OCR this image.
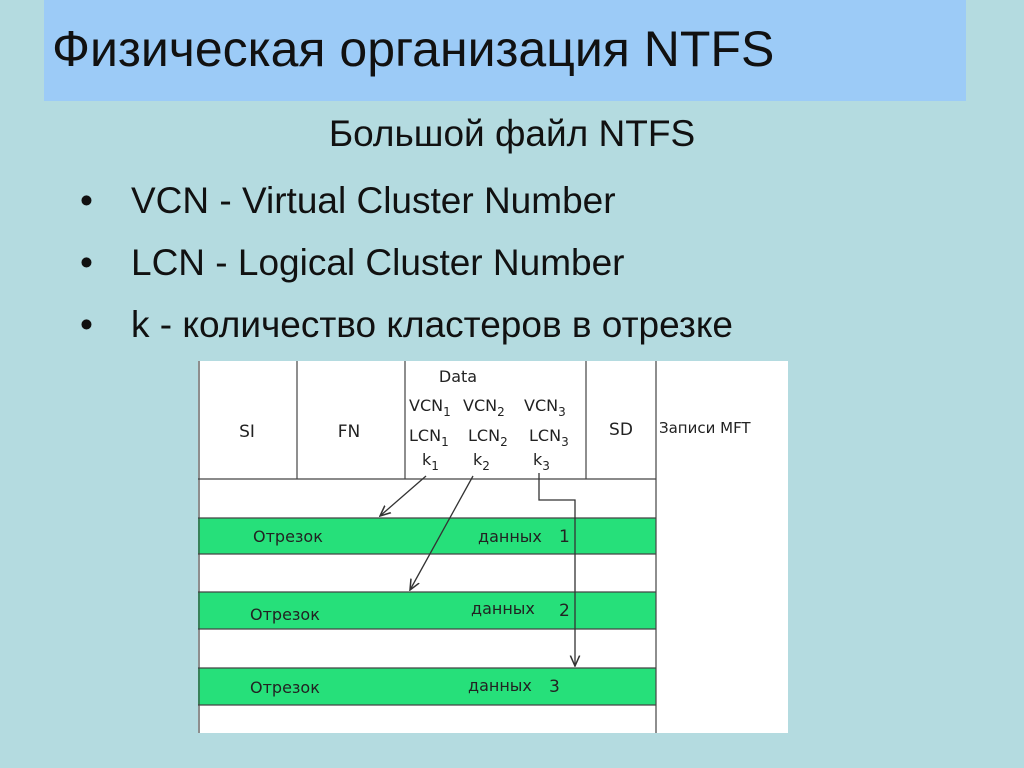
Физическая организация NTFS
Большой файл NTFS
• VCN - Virtual Cluster Number
• LCN - Logical Cluster Number
• k - количество кластеров в отрезке
SI	FN
Data
$VCN_1$ $VCN_2$ $VCN_3$
$LCN_1$ $LCN_2$ $LCN_3$
$k_1$ $k_2$	$k_3$
SD Записи MFT
Отрезок	данных 1
Отрезок	данных 2
Отрезок	данных 3
